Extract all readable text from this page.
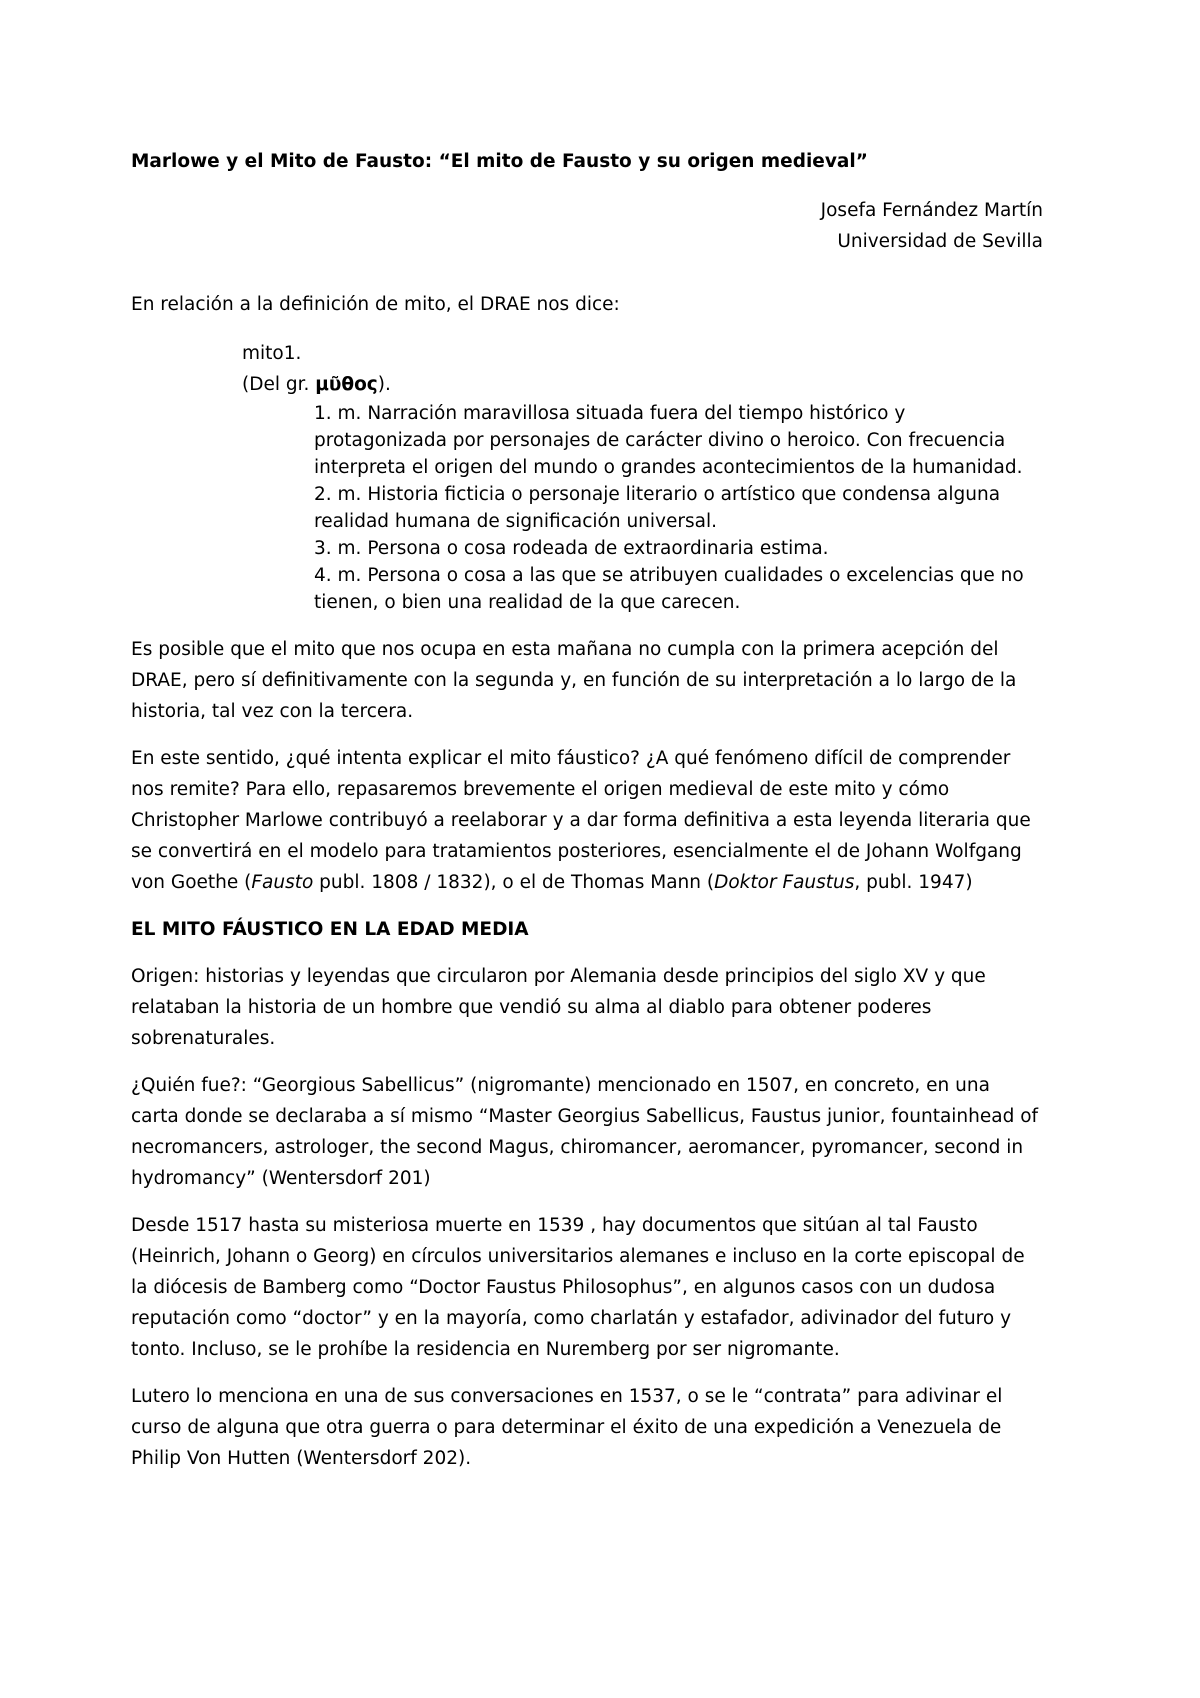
Marlowe y el Mito de Fausto: “El mito de Fausto y su origen medieval”

Josefa Fernández Martín
Universidad de Sevilla

En relación a la definición de mito, el DRAE nos dice:

mito1.

(Del gr. μῦθος).

1. m. Narración maravillosa situada fuera del tiempo histórico y protagonizada por personajes de carácter divino o heroico. Con frecuencia interpreta el origen del mundo o grandes acontecimientos de la humanidad.

2. m. Historia ficticia o personaje literario o artístico que condensa alguna realidad humana de significación universal.

3. m. Persona o cosa rodeada de extraordinaria estima.

4. m. Persona o cosa a las que se atribuyen cualidades o excelencias que no tienen, o bien una realidad de la que carecen.

Es posible que el mito que nos ocupa en esta mañana no cumpla con la primera acepción del DRAE, pero sí definitivamente con la segunda y, en función de su interpretación a lo largo de la historia, tal vez con la tercera.

En este sentido, ¿qué intenta explicar el mito fáustico? ¿A qué fenómeno difícil de comprender nos remite? Para ello, repasaremos brevemente el origen medieval de este mito y cómo Christopher Marlowe contribuyó a reelaborar y a dar forma definitiva a esta leyenda literaria que se convertirá en el modelo para tratamientos posteriores, esencialmente el de Johann Wolfgang von Goethe (Fausto publ. 1808 / 1832), o el de Thomas Mann (Doktor Faustus, publ. 1947)

EL MITO FÁUSTICO EN LA EDAD MEDIA

Origen: historias y leyendas que circularon por Alemania desde principios del siglo XV y que relataban la historia de un hombre que vendió su alma al diablo para obtener poderes sobrenaturales.

¿Quién fue?: “Georgious Sabellicus” (nigromante) mencionado en 1507, en concreto, en una carta donde se declaraba a sí mismo “Master Georgius Sabellicus, Faustus junior, fountainhead of necromancers, astrologer, the second Magus, chiromancer, aeromancer, pyromancer, second in hydromancy” (Wentersdorf 201)

Desde 1517 hasta su misteriosa muerte en 1539 , hay documentos que sitúan al tal Fausto (Heinrich, Johann o Georg) en círculos universitarios alemanes e incluso en la corte episcopal de la diócesis de Bamberg como “Doctor Faustus Philosophus”, en algunos casos con un dudosa reputación como “doctor” y en la mayoría, como charlatán y estafador, adivinador del futuro y tonto. Incluso, se le prohíbe la residencia en Nuremberg por ser nigromante.

Lutero lo menciona en una de sus conversaciones en 1537, o se le “contrata” para adivinar el curso de alguna que otra guerra o para determinar el éxito de una expedición a Venezuela de Philip Von Hutten (Wentersdorf 202).
